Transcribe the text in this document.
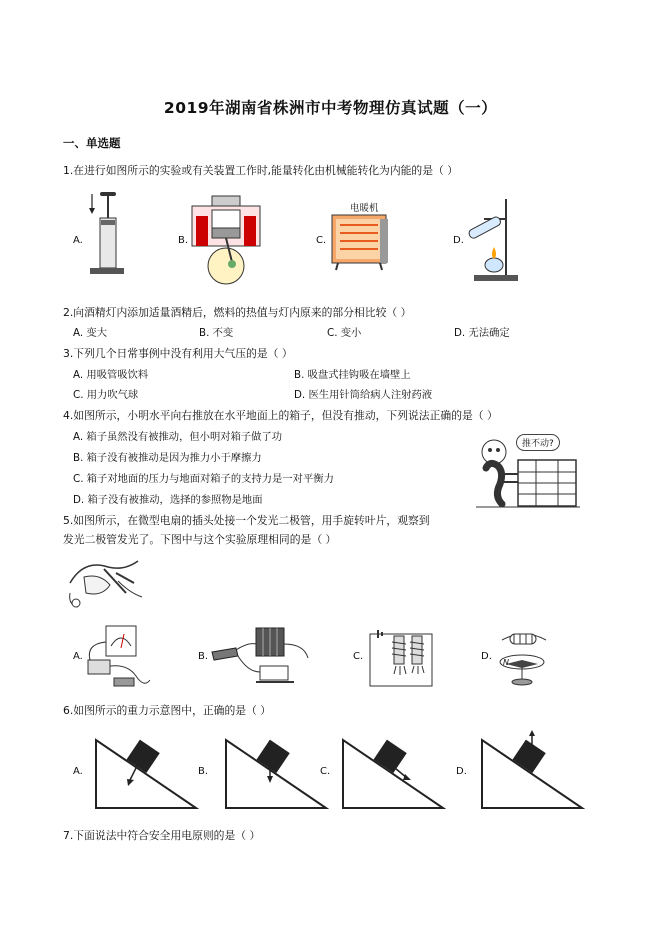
2019年湖南省株洲市中考物理仿真试题（一）
一、单选题
1.在进行如图所示的实验或有关装置工作时,能量转化由机械能转化为内能的是（ ）
A.	B.	C.	D.
电暖机
2.向酒精灯内添加适量酒精后，燃料的热值与灯内原来的部分相比较（ ）
A. 变大	B. 不变	C. 变小	D. 无法确定
3.下列几个日常事例中没有利用大气压的是（ ）
A. 用吸管吸饮料	B. 吸盘式挂钩吸在墙壁上
C. 用力吹气球	D. 医生用针筒给病人注射药液
4.如图所示，小明水平向右推放在水平地面上的箱子，但没有推动，下列说法正确的是（ ）
A. 箱子虽然没有被推动，但小明对箱子做了功
B. 箱子没有被推动是因为推力小于摩擦力
C. 箱子对地面的压力与地面对箱子的支持力是一对平衡力
D. 箱子没有被推动，选择的参照物是地面
推不动?
5.如图所示，在微型电扇的插头处接一个发光二极管，用手旋转叶片，观察到
发光二极管发光了。下图中与这个实验原理相同的是（ ）
A.	B.	C.	D.
N
6.如图所示的重力示意图中，正确的是（ ）
A.	B.	C.	D.
7.下面说法中符合安全用电原则的是（ ）
